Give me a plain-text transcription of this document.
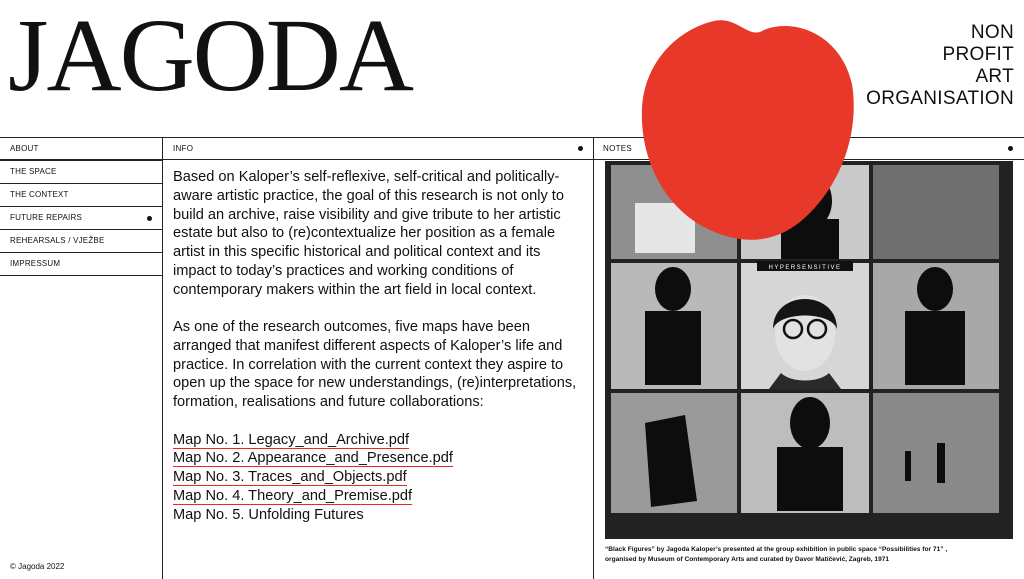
JAGODA	NON
PROFIT
ART
ORGANISATION
INFO	NOTES
ABOUT
THE SPACE
THE CONTEXT
FUTURE REPAIRS
REHEARSALS / VJEŽBE
IMPRESSUM
© Jagoda 2022

Based on Kaloper’s self-reflexive, self-critical and politically-aware artistic practice, the goal of this research is not only to build an archive, raise visibility and give tribute to her artistic estate but also to (re)contextualize her position as a female artist in this specific historical and political context and its impact to today’s practices and working conditions of contemporary makers within the art field in local context.

As one of the research outcomes, five maps have been arranged that manifest different aspects of Kaloper’s life and practice. In correlation with the current context they aspire to open up the space for new understandings, (re)interpretations, formation, realisations and future collaborations:

Map No. 1. Legacy_and_Archive.pdf
Map No. 2. Appearance_and_Presence.pdf
Map No. 3. Traces_and_Objects.pdf
Map No. 4. Theory_and_Premise.pdf
Map No. 5. Unfolding Futures
HYPERSENSITIVE
“Black Figures” by Jagoda Kaloper’s presented at the group exhibition in public space “Possibilities for 71” ,
organised by Museum of Contemporary Arts and curated by Davor Matičević, Zagreb, 1971
